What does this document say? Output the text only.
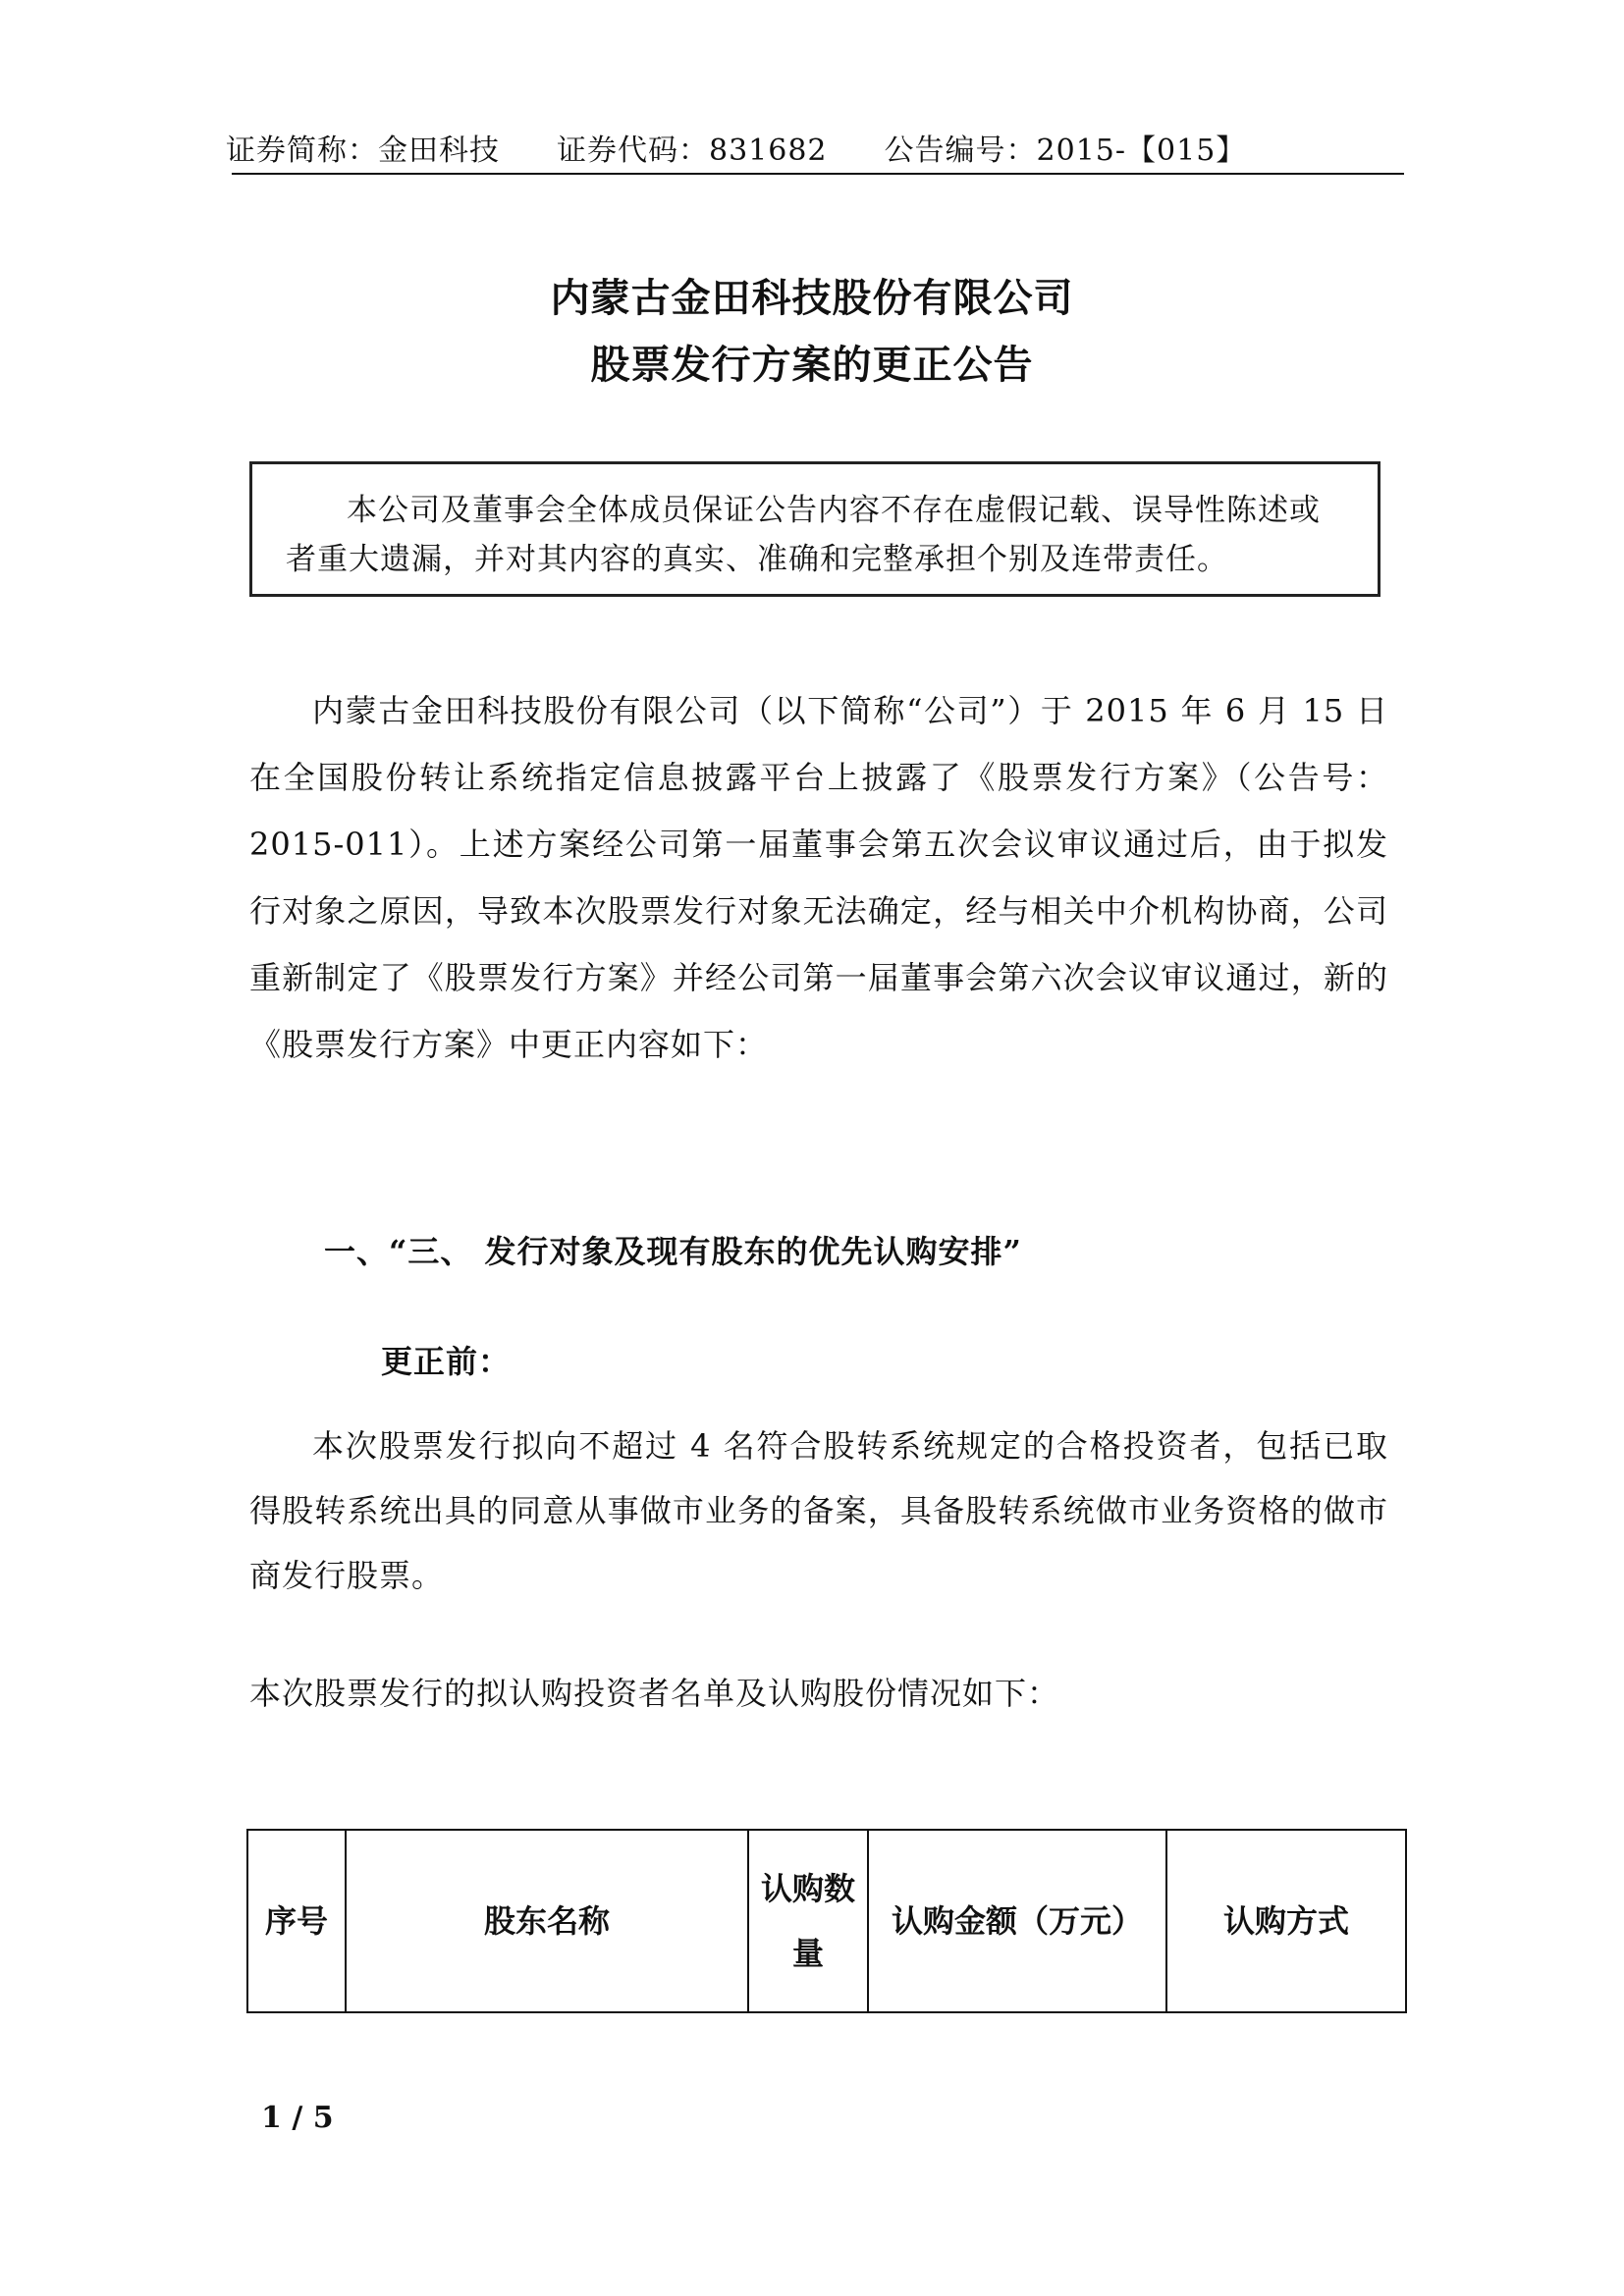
证券简称：金田科技 证券代码：831682 公告编号：2015-【015】
内蒙古金田科技股份有限公司
股票发行方案的更正公告

本公司及董事会全体成员保证公告内容不存在虚假记载、误导性陈述或者重大遗漏，并对其内容的真实、准确和完整承担个别及连带责任。

内蒙古金田科技股份有限公司（以下简称“公司”）于 2015 年 6 月 15 日在全国股份转让系统指定信息披露平台上披露了《股票发行方案》（公告号：2015-011）。上述方案经公司第一届董事会第五次会议审议通过后，由于拟发行对象之原因，导致本次股票发行对象无法确定，经与相关中介机构协商，公司重新制定了《股票发行方案》并经公司第一届董事会第六次会议审议通过，新的《股票发行方案》中更正内容如下：

一、“三、 发行对象及现有股东的优先认购安排”
更正前：

本次股票发行拟向不超过 4 名符合股转系统规定的合格投资者，包括已取得股转系统出具的同意从事做市业务的备案，具备股转系统做市业务资格的做市商发行股票。

本次股票发行的拟认购投资者名单及认购股份情况如下：
序号	股东名称	认购数量	认购金额（万元）	认购方式
1 / 5
